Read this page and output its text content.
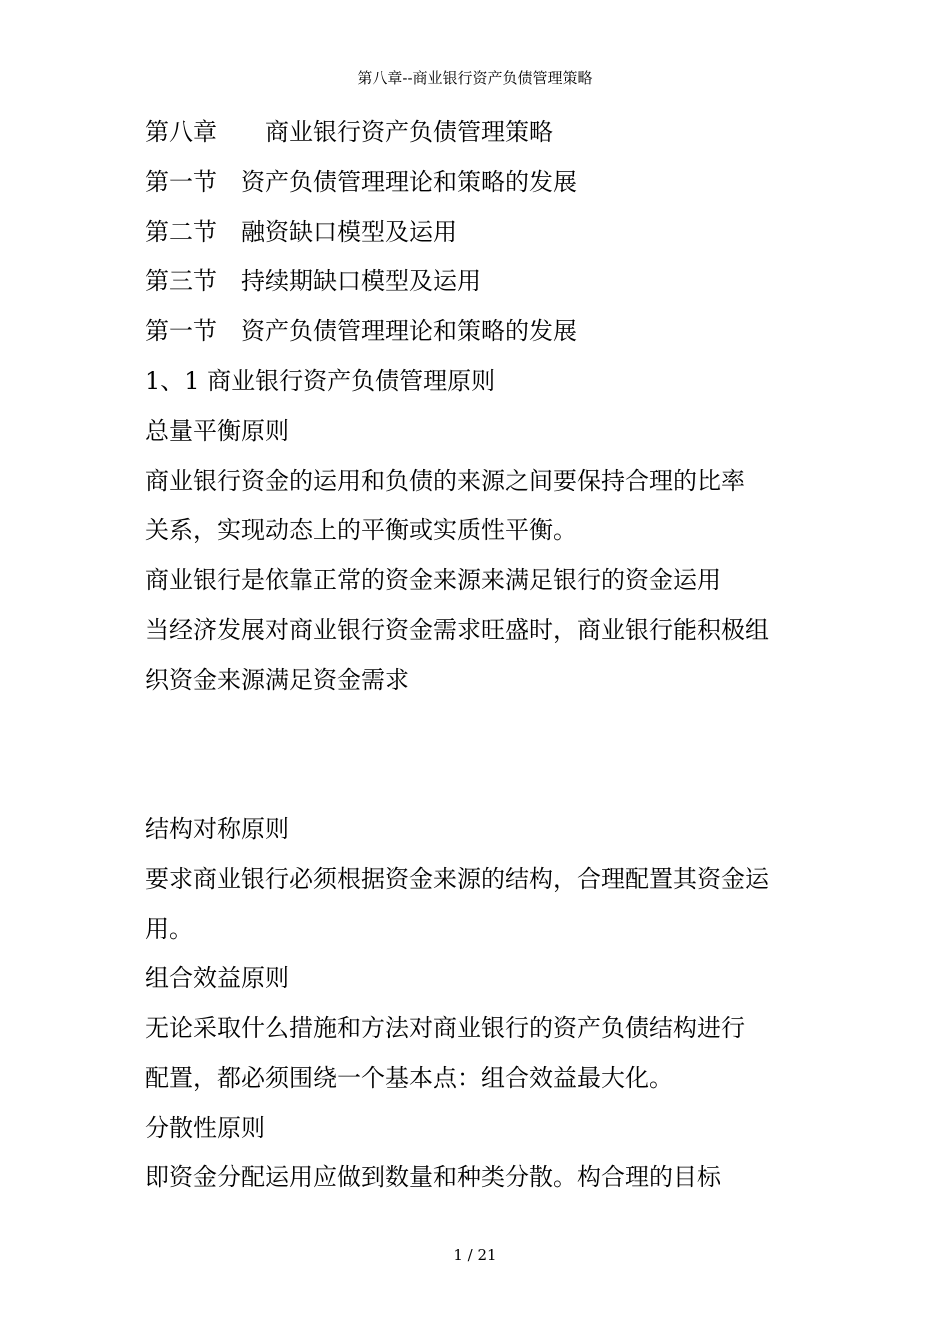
第八章--商业银行资产负债管理策略
第八章　　商业银行资产负债管理策略
第一节　资产负债管理理论和策略的发展
第二节　融资缺口模型及运用
第三节　持续期缺口模型及运用
第一节　资产负债管理理论和策略的发展
1、1 商业银行资产负债管理原则
总量平衡原则
商业银行资金的运用和负债的来源之间要保持合理的比率
关系，实现动态上的平衡或实质性平衡。
商业银行是依靠正常的资金来源来满足银行的资金运用
当经济发展对商业银行资金需求旺盛时，商业银行能积极组
织资金来源满足资金需求
结构对称原则
要求商业银行必须根据资金来源的结构，合理配置其资金运
用。
组合效益原则
无论采取什么措施和方法对商业银行的资产负债结构进行
配置，都必须围绕一个基本点：组合效益最大化。
分散性原则
即资金分配运用应做到数量和种类分散。构合理的目标
1 / 21
